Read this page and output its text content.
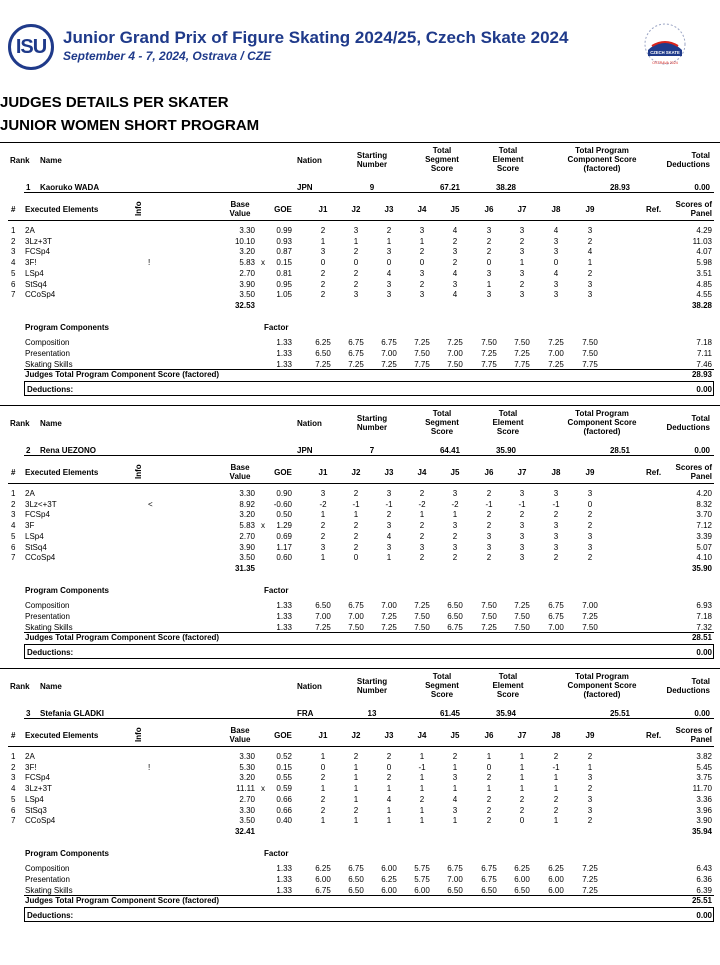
ISU Junior Grand Prix of Figure Skating 2024/25, Czech Skate 2024
September 4 - 7, 2024, Ostrava / CZE	CZECH SKATE
OSTRAVA 2024
JUDGES DETAILS PER SKATER
JUNIOR WOMEN SHORT PROGRAM
Rank Name	Nation
Starting
Number
Total
Segment
Score
Total
Element
Score
Total Program
Component Score
(factored)
Total
Deductions
1 Kaoruko WADA	JPN	9	67.21	38.28	28.93	0.00
# Executed Elements	Info	Base
Value	GOE	J1	J2	J3	J4	J5	J6	J7	J8	J9	Ref.
Scores of
Panel
1 2A	3.30	0.99	2	3	2	3	4	3	3	4	3	4.29
2 3Lz+3T	10.10	0.93	1	1	1	1	2	2	2	3	2	11.03
3 FCSp4	3.20	0.87	3	2	3	2	3	2	3	3	4	4.07
4 3F!	!	5.83 x	0.15	0	0	0	0	2	0	1	0	1	5.98
5 LSp4	2.70	0.81	2	2	4	3	4	3	3	4	2	3.51
6 StSq4	3.90	0.95	2	2	3	2	3	1	2	3	3	4.85
7 CCoSp4	3.50	1.05	2	3	3	3	4	3	3	3	3	4.55
32.53	38.28
Program Components	Factor
Composition	1.33	6.25	6.75	6.75	7.25	7.25	7.50	7.50	7.25	7.50	7.18
Presentation	1.33	6.50	6.75	7.00	7.50	7.00	7.25	7.25	7.00	7.50	7.11
Skating Skills	1.33	7.25	7.25	7.25	7.75	7.50	7.75	7.75	7.25	7.75	7.46
Judges Total Program Component Score (factored)	28.93
Deductions:	0.00
Rank Name	Nation
Starting
Number
Total
Segment
Score
Total
Element
Score
Total Program
Component Score
(factored)
Total
Deductions
2 Rena UEZONO	JPN	7	64.41	35.90	28.51	0.00
# Executed Elements	Info	Base
Value	GOE	J1	J2	J3	J4	J5	J6	J7	J8	J9	Ref.
Scores of
Panel
1 2A	3.30	0.90	3	2	3	2	3	2	3	3	3	4.20
2 3Lz<+3T	<	8.92	-0.60	-2	-1	-1	-2	-2	-1	-1	-1	0	8.32
3 FCSp4	3.20	0.50	1	1	2	1	1	2	2	2	2	3.70
4 3F	5.83 x	1.29	2	2	3	2	3	2	3	3	2	7.12
5 LSp4	2.70	0.69	2	2	4	2	2	3	3	3	3	3.39
6 StSq4	3.90	1.17	3	2	3	3	3	3	3	3	3	5.07
7 CCoSp4	3.50	0.60	1	0	1	2	2	2	3	2	2	4.10
31.35	35.90
Program Components	Factor
Composition	1.33	6.50	6.75	7.00	7.25	6.50	7.50	7.25	6.75	7.00	6.93
Presentation	1.33	7.00	7.00	7.25	7.50	6.50	7.50	7.50	6.75	7.25	7.18
Skating Skills	1.33	7.25	7.50	7.25	7.50	6.75	7.25	7.50	7.00	7.50	7.32
Judges Total Program Component Score (factored)	28.51
Deductions:	0.00
Rank Name	Nation
Starting
Number
Total
Segment
Score
Total
Element
Score
Total Program
Component Score
(factored)
Total
Deductions
3 Stefania GLADKI	FRA	13	61.45	35.94	25.51	0.00
# Executed Elements	Info	Base
Value	GOE	J1	J2	J3	J4	J5	J6	J7	J8	J9	Ref.
Scores of
Panel
1 2A	3.30	0.52	1	2	2	1	2	1	1	2	2	3.82
2 3F!	!	5.30	0.15	0	1	0	-1	1	0	1	-1	1	5.45
3 FCSp4	3.20	0.55	2	1	2	1	3	2	1	1	3	3.75
4 3Lz+3T	11.11 x	0.59	1	1	1	1	1	1	1	1	2	11.70
5 LSp4	2.70	0.66	2	1	4	2	4	2	2	2	3	3.36
6 StSq3	3.30	0.66	2	2	1	1	3	2	2	2	3	3.96
7 CCoSp4	3.50	0.40	1	1	1	1	1	2	0	1	2	3.90
32.41	35.94
Program Components	Factor
Composition	1.33	6.25	6.75	6.00	5.75	6.75	6.75	6.25	6.25	7.25	6.43
Presentation	1.33	6.00	6.50	6.25	5.75	7.00	6.75	6.00	6.00	7.25	6.36
Skating Skills	1.33	6.75	6.50	6.00	6.00	6.50	6.50	6.50	6.00	7.25	6.39
Judges Total Program Component Score (factored)	25.51
Deductions:	0.00
